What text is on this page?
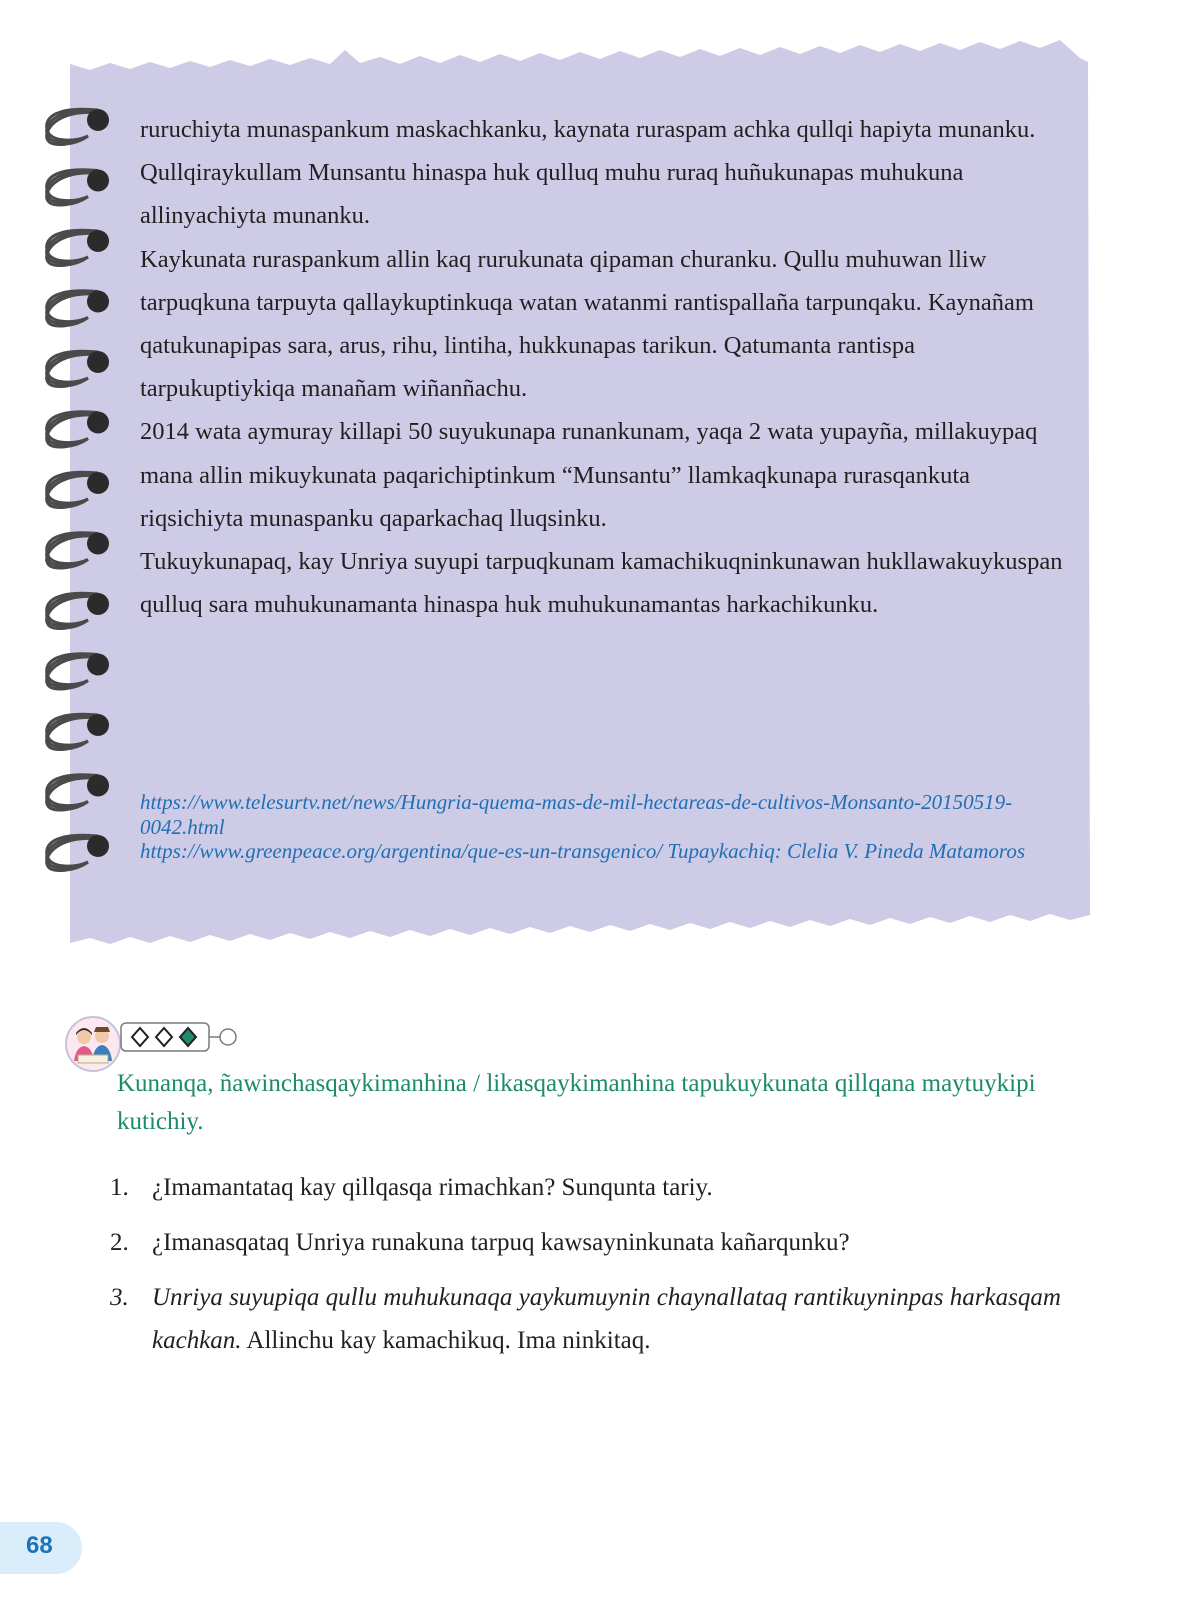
ruruchiyta munaspankum maskachkanku, kaynata ruraspam achka qullqi hapiyta munanku. Qullqiraykullam Munsantu hinaspa huk qulluq muhu ruraq huñukunapas muhukuna allinyachiyta munanku.

Kaykunata ruraspankum allin kaq rurukunata qipaman churanku. Qullu muhuwan lliw tarpuqkuna tarpuyta qallaykuptinkuqa watan watanmi rantispallaña tarpunqaku. Kaynañam qatukunapipas sara, arus, rihu, lintiha, hukkunapas tarikun. Qatumanta rantispa tarpukuptiykiqa manañam wiñanñachu.

2014 wata aymuray killapi 50 suyukunapa runankunam, yaqa 2 wata yupayña, millakuypaq mana allin mikuykunata paqarichiptinkum “Munsantu” llamkaqkunapa rurasqankuta riqsichiyta munaspanku qaparkachaq lluqsinku.

Tukuykunapaq, kay Unriya suyupi tarpuqkunam kamachikuqninkunawan hukllawakuykuspan qulluq sara muhukunamanta hinaspa huk muhukunamantas harkachikunku.

https://www.telesurtv.net/news/Hungria-quema-mas-de-mil-hectareas-de-cultivos-Monsanto-20150519-0042.html

https://www.greenpeace.org/argentina/que-es-un-transgenico/ Tupaykachiq: Clelia V. Pineda Matamoros

Kunanqa, ñawinchasqaykimanhina / likasqaykimanhina tapukuykunata qillqana maytuykipi kutichiy.

1. ¿Imamantataq kay qillqasqa rimachkan? Sunqunta tariy.
2. ¿Imanasqataq Unriya runakuna tarpuq kawsayninkunata kañarqunku?
3. Unriya suyupiqa qullu muhukunaqa yaykumuynin chaynallataq rantikuyninpas harkasqam kachkan. Allinchu kay kamachikuq. Ima ninkitaq.
68
